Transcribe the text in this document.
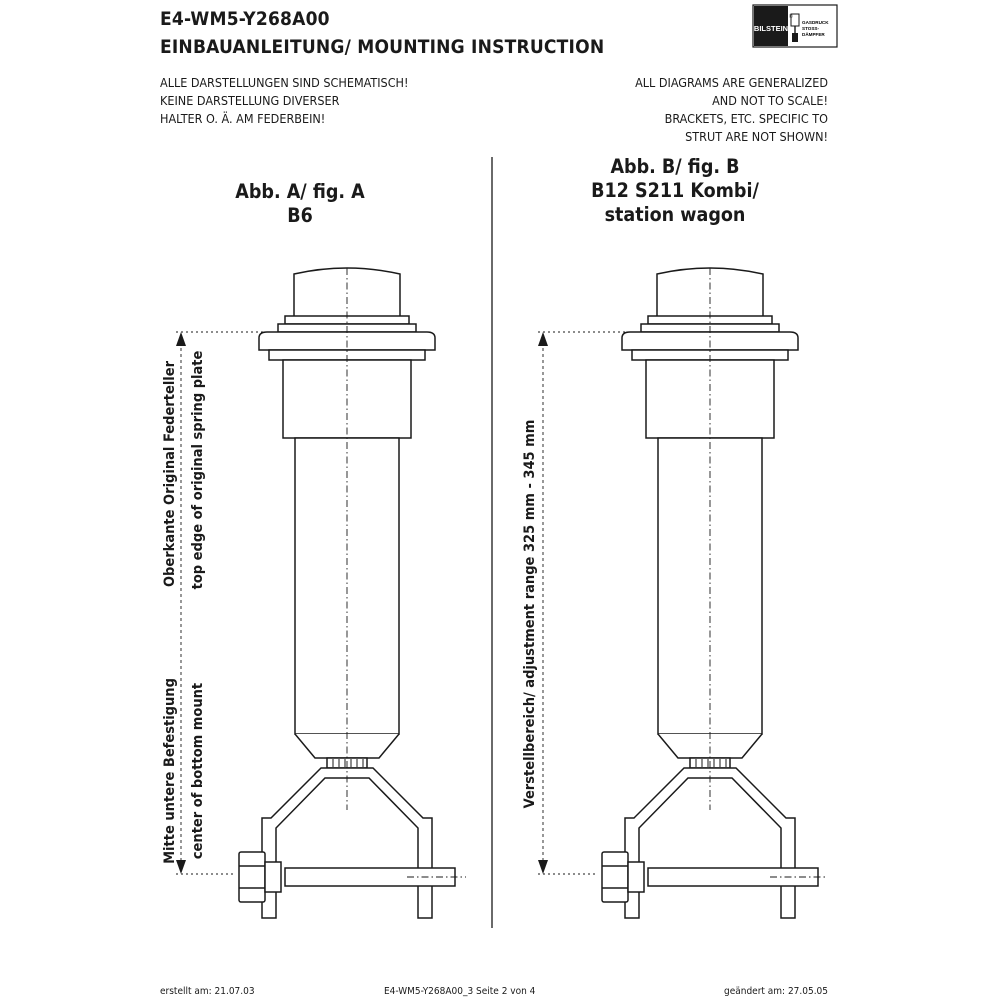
E4-WM5-Y268A00
EINBAUANLEITUNG/ MOUNTING INSTRUCTION
ALLE DARSTELLUNGEN SIND SCHEMATISCH!
KEINE DARSTELLUNG DIVERSER
HALTER O. Ä. AM FEDERBEIN!
ALL DIAGRAMS ARE GENERALIZED
AND NOT TO SCALE!
BRACKETS, ETC. SPECIFIC TO
STRUT ARE NOT SHOWN!
BILSTEIN
®
GASDRUCK
STOSS-
DÄMPFER
Abb. A/ fig. A
B6
Abb. B/ fig. B
B12 S211 Kombi/
station wagon
Oberkante Original Federteller top edge of original spring plate
Mitte untere Befestigung center of bottom mount	Verstellbereich/ adjustment range 325 mm - 345 mm
erstellt am: 21.07.03	E4-WM5-Y268A00_3 Seite 2 von 4	geändert am: 27.05.05
